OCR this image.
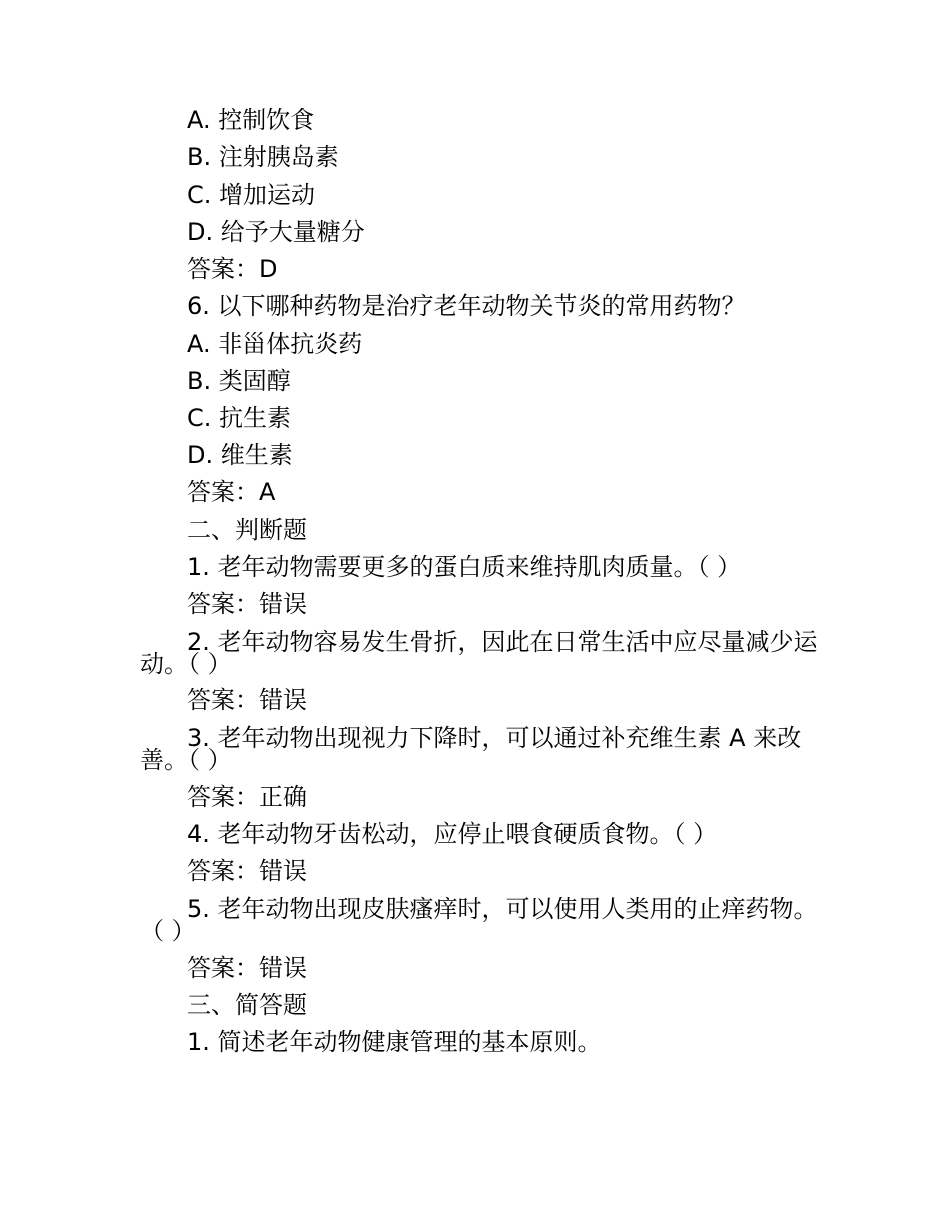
A. 控制饮食
B. 注射胰岛素
C. 增加运动
D. 给予大量糖分
答案：D
6. 以下哪种药物是治疗老年动物关节炎的常用药物？
A. 非甾体抗炎药
B. 类固醇
C. 抗生素
D. 维生素
答案：A
二、判断题
1. 老年动物需要更多的蛋白质来维持肌肉质量。（ ）
答案：错误
2. 老年动物容易发生骨折，因此在日常生活中应尽量减少运动。（ ）
答案：错误
3. 老年动物出现视力下降时，可以通过补充维生素 A 来改善。（ ）
答案：正确
4. 老年动物牙齿松动，应停止喂食硬质食物。（ ）
答案：错误
5. 老年动物出现皮肤瘙痒时，可以使用人类用的止痒药物。（ ）
答案：错误
三、简答题
1. 简述老年动物健康管理的基本原则。
